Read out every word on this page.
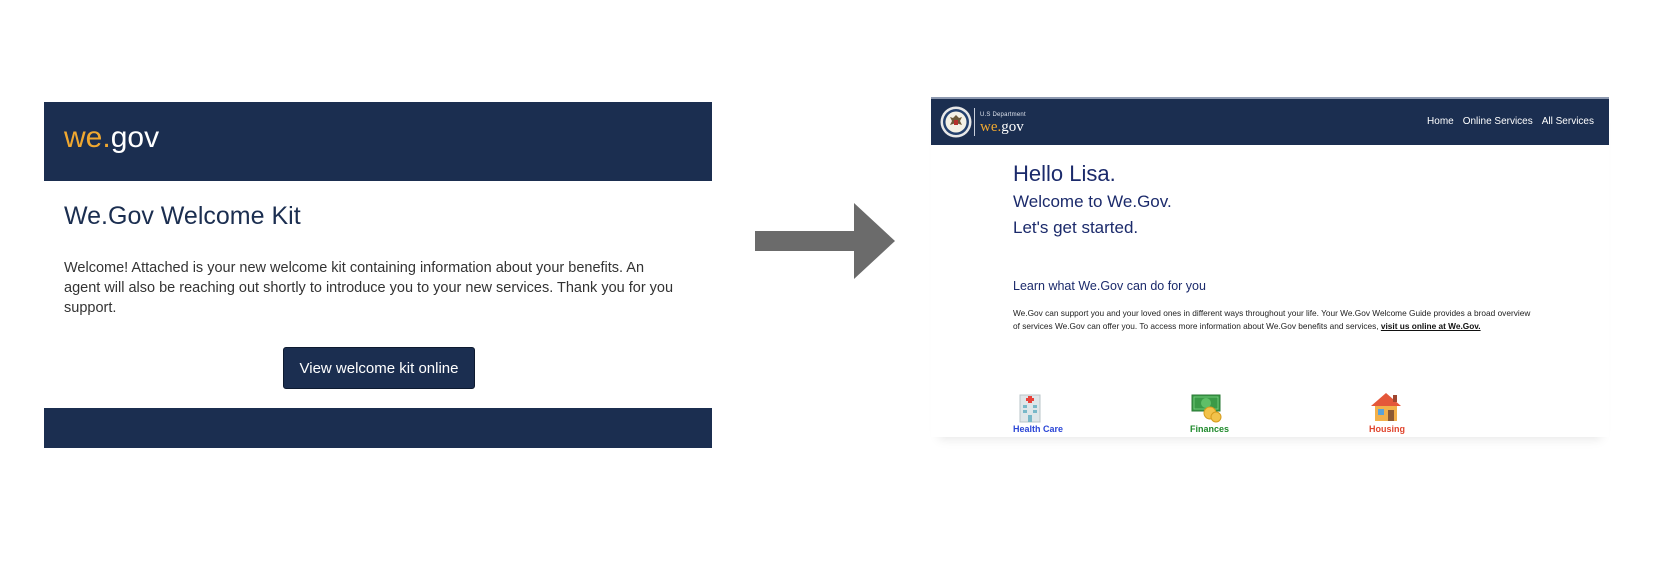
we.gov
We.Gov Welcome Kit

Welcome! Attached is your new welcome kit containing information about your benefits. An agent will also be reaching out shortly to introduce you to your new services. Thank you for you support.

View welcome kit online
U.S Department
we.gov	Home Online Services All Services
Hello Lisa.

Welcome to We.Gov.

Let's get started.

Learn what We.Gov can do for you

We.Gov can support you and your loved ones in different ways throughout your life. Your We.Gov Welcome Guide provides a broad overview of services We.Gov can offer you. To access more information about We.Gov benefits and services, visit us online at We.Gov.

Health Care	Finances	Housing
